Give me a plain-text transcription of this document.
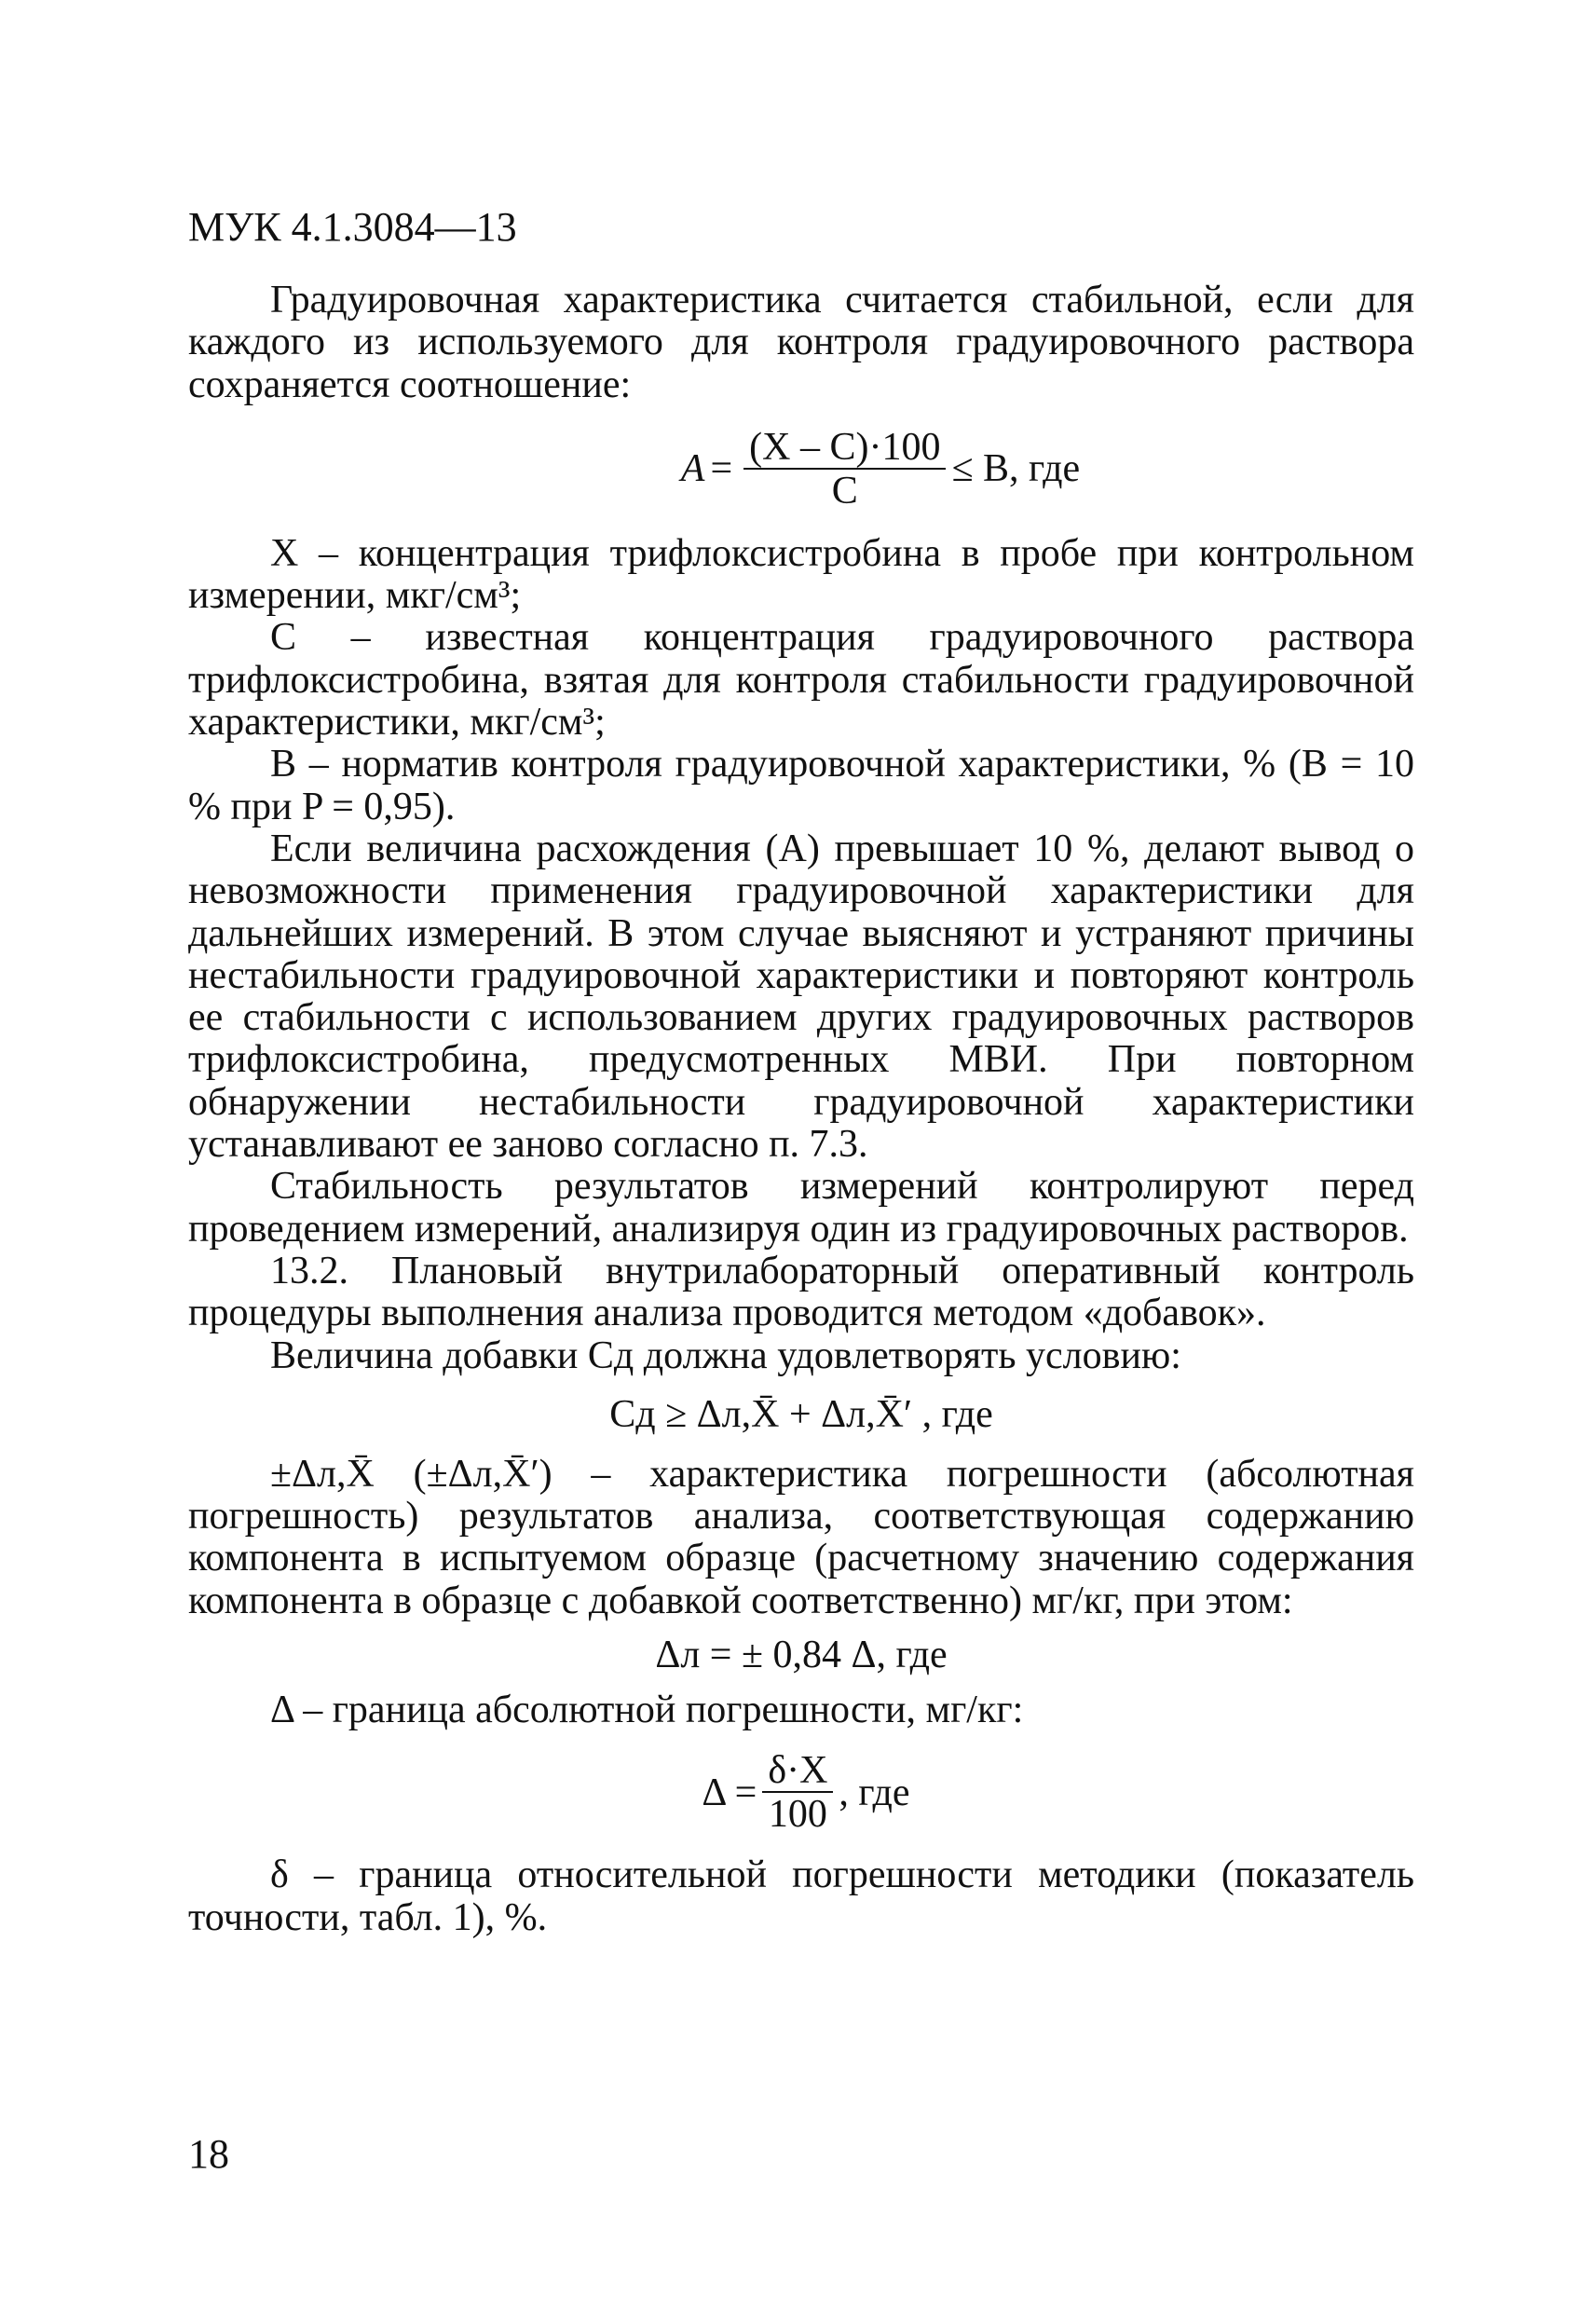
МУК 4.1.3084—13

Градуировочная характеристика считается стабильной, если для каждого из используемого для контроля градуировочного раствора сохраняется соотношение:

$A = \frac{(X - C)\cdot 100}{C} \le B$ , где

X – концентрация трифлоксистробина в пробе при контрольном измерении, мкг/см³;

C – известная концентрация градуировочного раствора трифлоксистробина, взятая для контроля стабильности градуировочной характеристики, мкг/см³;

B – норматив контроля градуировочной характеристики, % (B = 10 % при P = 0,95).

Если величина расхождения (A) превышает 10 %, делают вывод о невозможности применения градуировочной характеристики для дальнейших измерений. В этом случае выясняют и устраняют причины нестабильности градуировочной характеристики и повторяют контроль ее стабильности с использованием других градуировочных растворов трифлоксистробина, предусмотренных МВИ. При повторном обнаружении нестабильности градуировочной характеристики устанавливают ее заново согласно п. 7.3.

Стабильность результатов измерений контролируют перед проведением измерений, анализируя один из градуировочных растворов.

13.2. Плановый внутрилабораторный оперативный контроль процедуры выполнения анализа проводится методом «добавок».

Величина добавки Cд должна удовлетворять условию:

Cд ≥ Δл,X̄ + Δл,X̄′ , где

±Δл,X̄ (±Δл,X̄′) – характеристика погрешности (абсолютная погрешность) результатов анализа, соответствующая содержанию компонента в испытуемом образце (расчетному значению содержания компонента в образце с добавкой соответственно) мг/кг, при этом:

Δл = ± 0,84 Δ, где

Δ – граница абсолютной погрешности, мг/кг:

$\Delta = \frac{\delta\cdot X}{100}$ , где

δ – граница относительной погрешности методики (показатель точности, табл. 1), %.

18
